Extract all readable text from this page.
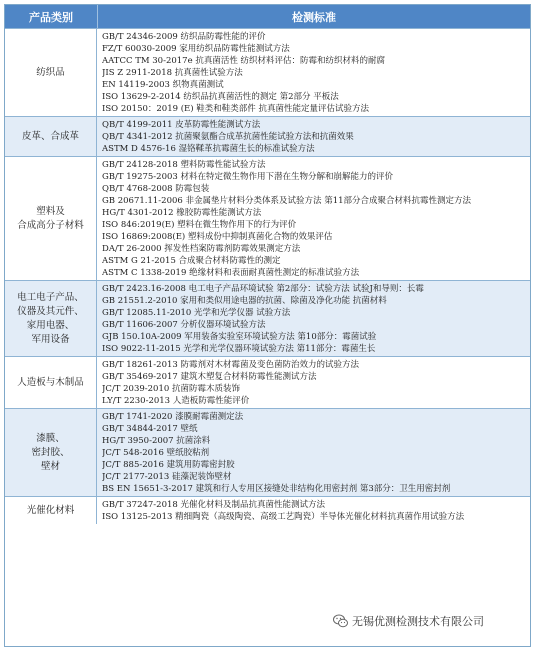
产品类别	检测标准
纺织品
GB/T 24346-2009 纺织品防霉性能的评价
FZ/T 60030-2009 家用纺织品防霉性能测试方法
AATCC TM 30-2017e 抗真菌活性 纺织材料评估：防霉和纺织材料的耐腐
JIS Z 2911-2018 抗真菌性试验方法
EN 14119-2003 织物真菌测试
ISO 13629-2-2014 纺织品抗真菌活性的测定 第2部分 平板法
ISO 20150：2019 (E) 鞋类和鞋类部件 抗真菌性能定量评估试验方法
皮革、合成革
QB/T 4199-2011 皮革防霉性能测试方法
QB/T 4341-2012 抗菌聚氨酯合成革抗菌性能试验方法和抗菌效果
ASTM D 4576-16 湿铬鞣革抗霉菌生长的标准试验方法
塑料及
合成高分子材料
GB/T 24128-2018 塑料防霉性能试验方法
GB/T 19275-2003 材料在特定微生物作用下潜在生物分解和崩解能力的评价
QB/T 4768-2008 防霉包装
GB 20671.11-2006 非金属垫片材料分类体系及试验方法 第11部分合成聚合材料抗霉性测定方法
HG/T 4301-2012 橡胶防霉性能测试方法
ISO 846:2019(E) 塑料在微生物作用下的行为评价
ISO 16869:2008(E) 塑料成份中抑制真菌化合物的效果评估
DA/T 26-2000 挥发性档案防霉剂防霉效果测定方法
ASTM G 21-2015 合成聚合材料防霉性的测定
ASTM C 1338-2019 绝缘材料和表面耐真菌性测定的标准试验方法
电工电子产品、
仪器及其元件、
家用电器、
军用设备
GB/T 2423.16-2008 电工电子产品环境试验 第2部分：试验方法 试验J和导则：长霉
GB 21551.2-2010 家用和类似用途电器的抗菌、除菌及净化功能 抗菌材料
GB/T 12085.11-2010 光学和光学仪器 试验方法
GB/T 11606-2007 分析仪器环境试验方法
GJB 150.10A-2009 军用装备实验室环境试验方法 第10部分：霉菌试验
ISO 9022-11-2015 光学和光学仪器环境试验方法 第11部分：霉菌生长
人造板与木制品
GB/T 18261-2013 防霉剂对木材霉菌及变色菌防治效力的试验方法
GB/T 35469-2017 建筑木塑复合材料防霉性能测试方法
JC/T 2039-2010 抗菌防霉木质装饰
LY/T 2230-2013 人造板防霉性能评价
漆膜、
密封胶、
壁材
GB/T 1741-2020 漆膜耐霉菌测定法
GB/T 34844-2017 壁纸
HG/T 3950-2007 抗菌涂料
JC/T 548-2016 壁纸胶粘剂
JC/T 885-2016 建筑用防霉密封胶
JC/T 2177-2013 硅藻泥装饰壁材
BS EN 15651-3-2017 建筑和行人专用区接缝处非结构化用密封剂 第3部分：卫生用密封剂
光催化材料	GB/T 37247-2018 光催化材料及制品抗真菌性能测试方法
ISO 13125-2013 精细陶瓷（高级陶瓷、高级工艺陶瓷）半导体光催化材料抗真菌作用试验方法
无锡优测检测技术有限公司
